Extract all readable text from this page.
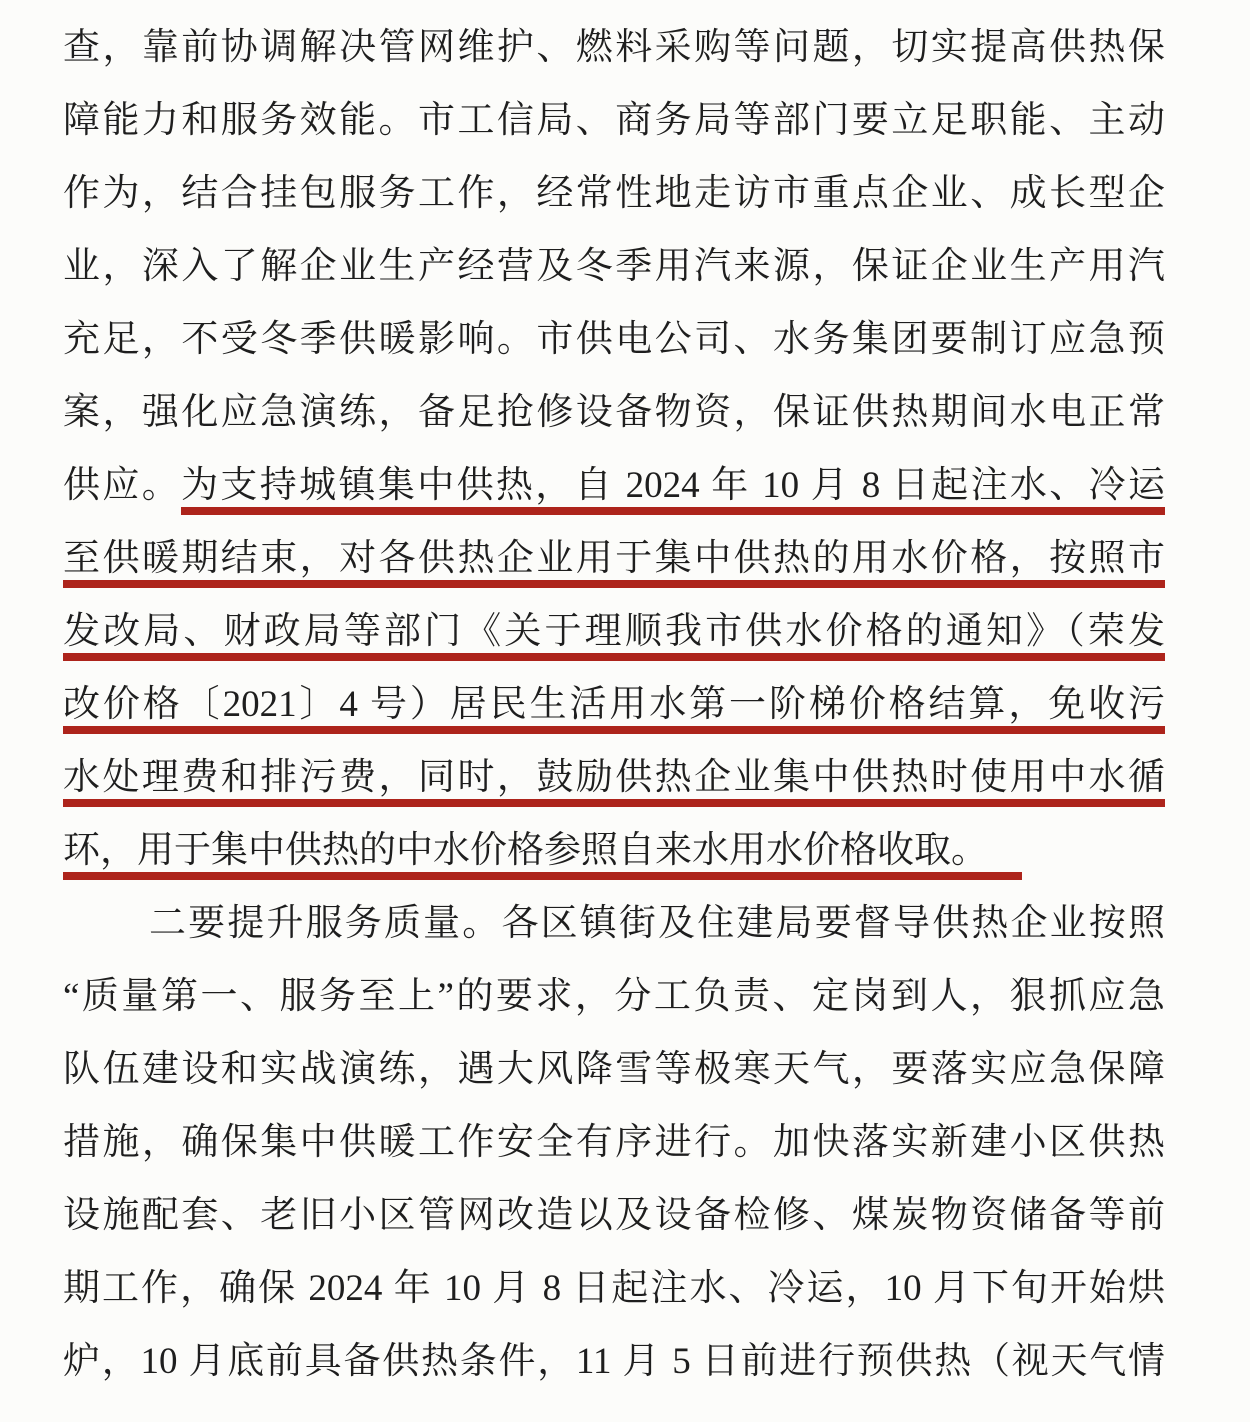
查，靠前协调解决管网维护、燃料采购等问题，切实提高供热保
障能力和服务效能。市工信局、商务局等部门要立足职能、主动
作为，结合挂包服务工作，经常性地走访市重点企业、成长型企
业，深入了解企业生产经营及冬季用汽来源，保证企业生产用汽
充足，不受冬季供暖影响。市供电公司、水务集团要制订应急预
案，强化应急演练，备足抢修设备物资，保证供热期间水电正常
供应。为支持城镇集中供热，自 2024 年 10 月 8 日起注水、冷运
至供暖期结束，对各供热企业用于集中供热的用水价格，按照市
发改局、财政局等部门《关于理顺我市供水价格的通知》（荣发
改价格〔2021〕4 号）居民生活用水第一阶梯价格结算，免收污
水处理费和排污费，同时，鼓励供热企业集中供热时使用中水循
环，用于集中供热的中水价格参照自来水用水价格收取。
二要提升服务质量。各区镇街及住建局要督导供热企业按照
“质量第一、服务至上”的要求，分工负责、定岗到人，狠抓应急
队伍建设和实战演练，遇大风降雪等极寒天气，要落实应急保障
措施，确保集中供暖工作安全有序进行。加快落实新建小区供热
设施配套、老旧小区管网改造以及设备检修、煤炭物资储备等前
期工作，确保 2024 年 10 月 8 日起注水、冷运，10 月下旬开始烘
炉，10 月底前具备供热条件，11 月 5 日前进行预供热（视天气情
